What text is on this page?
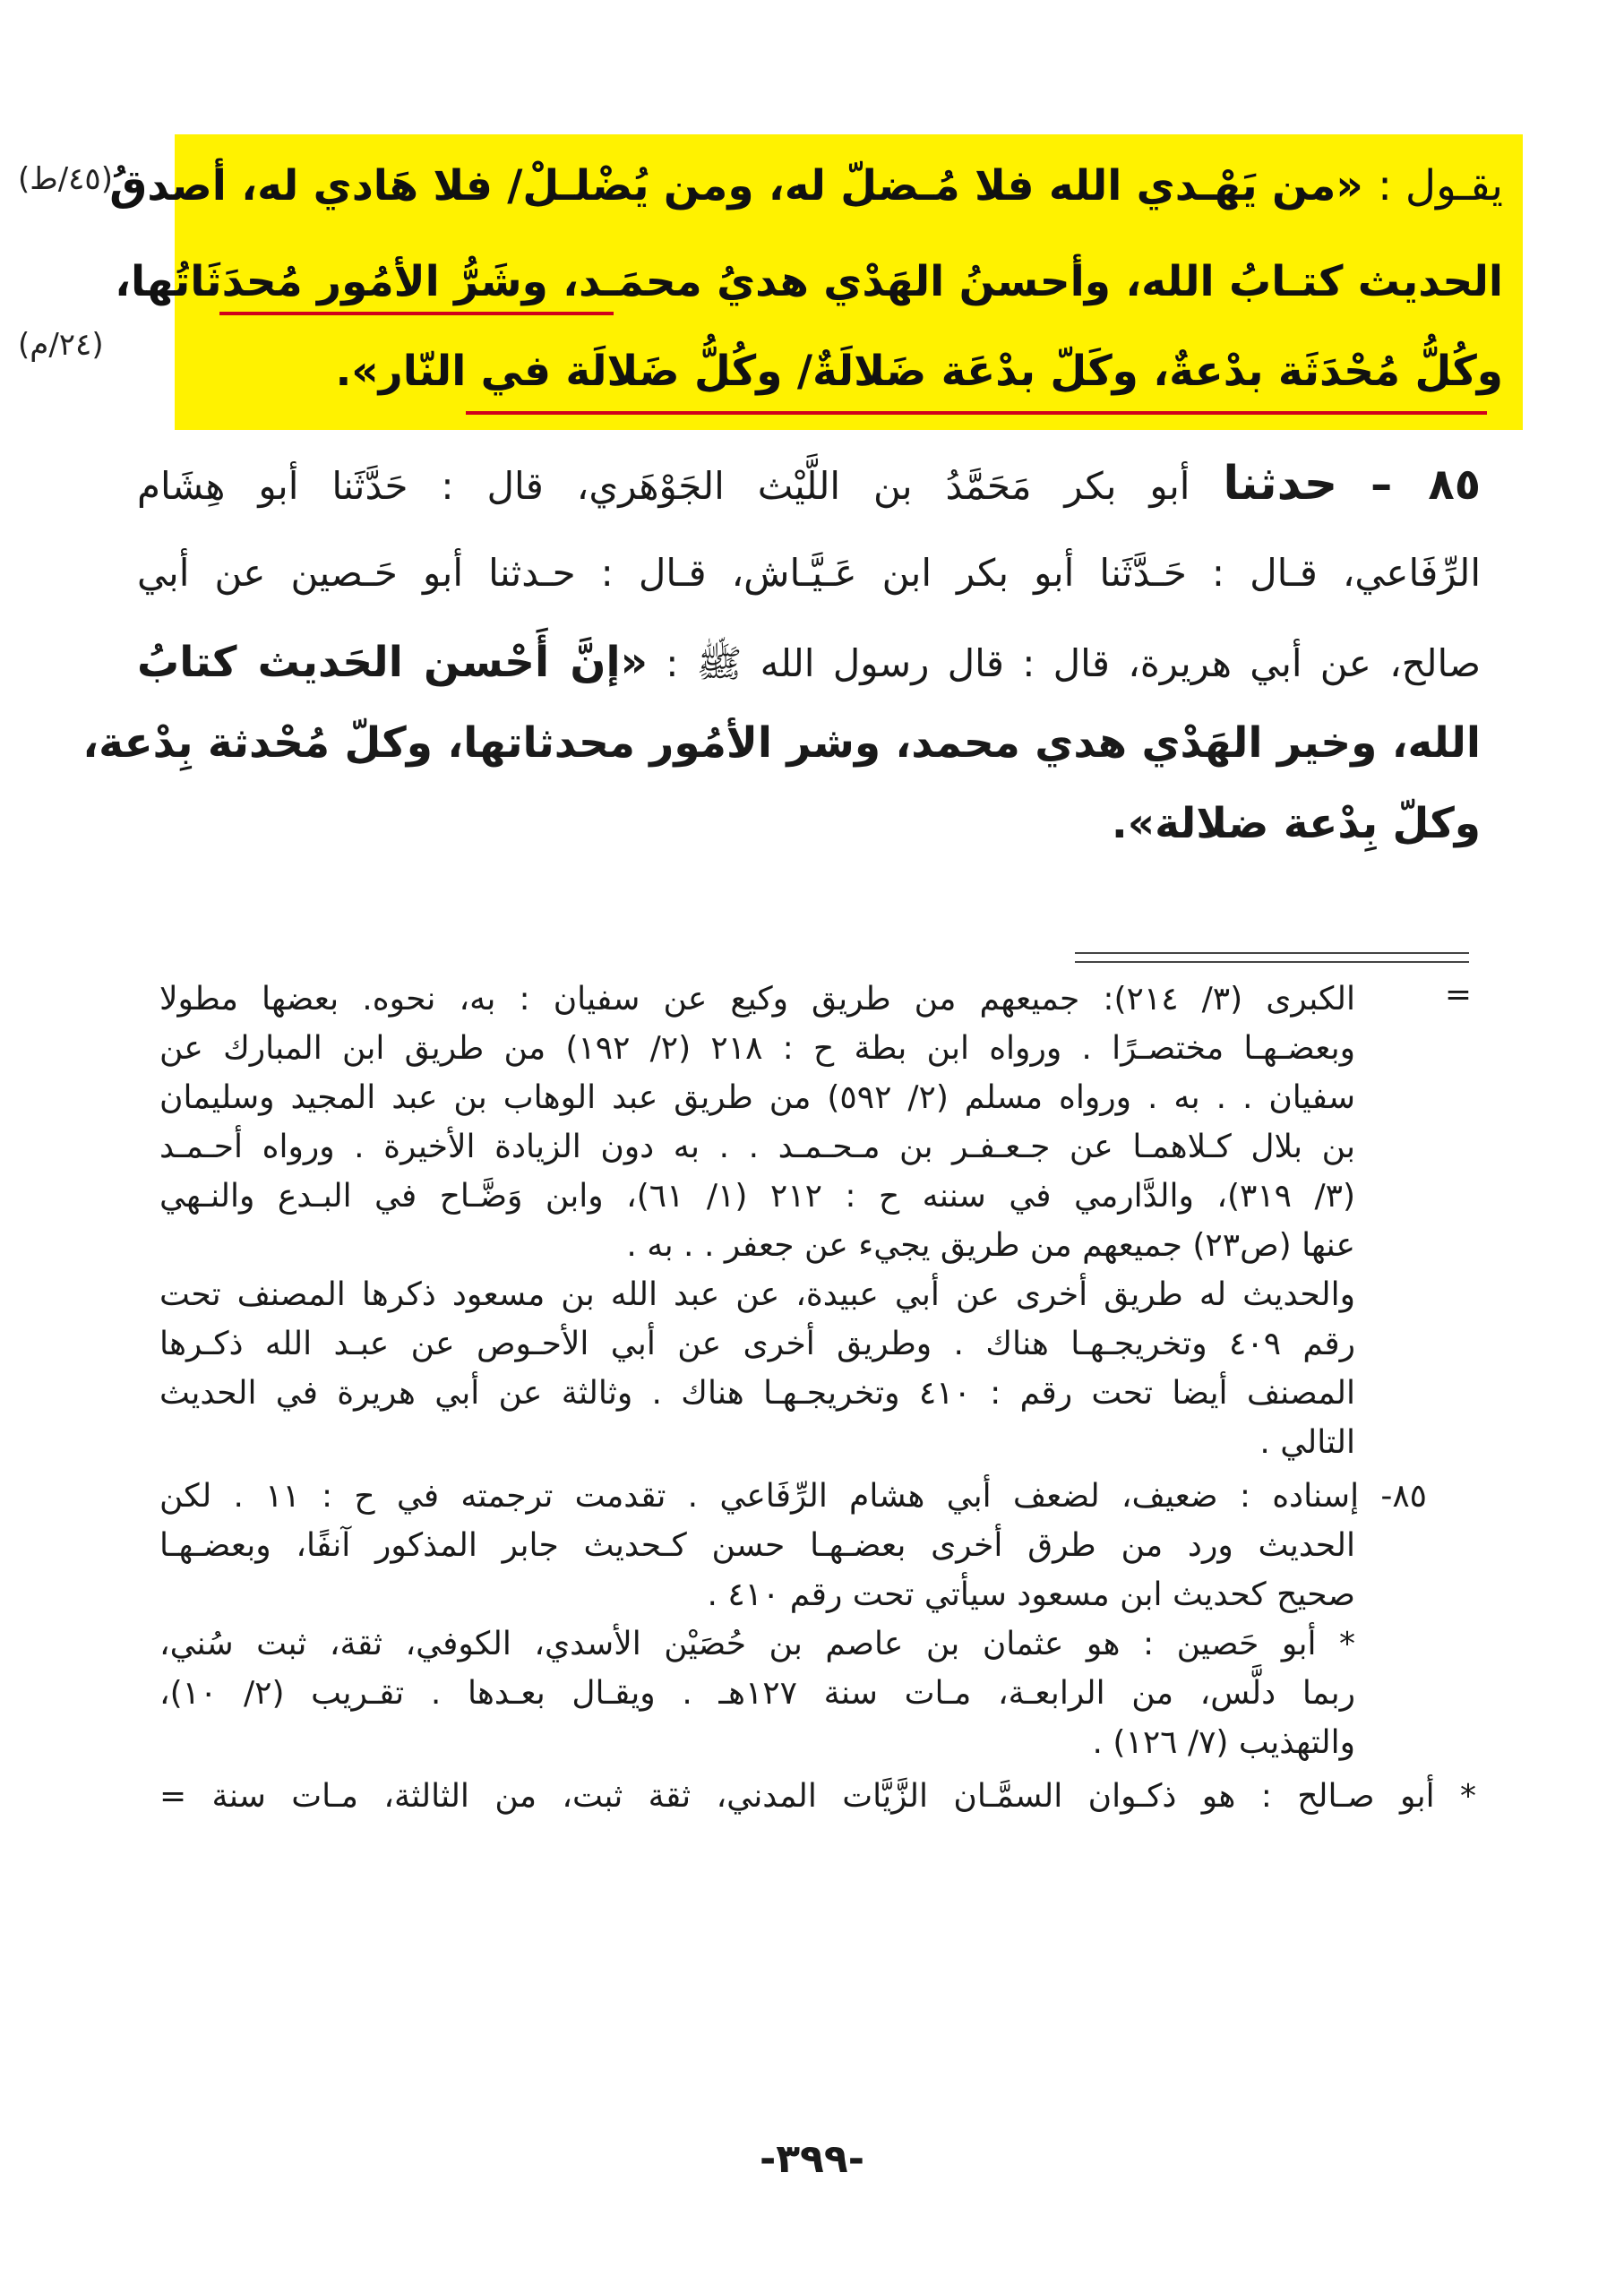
(٤٥/ط)
(٢٤/م)
يقـول : «من يَهْـدي الله فلا مُـضلّ له، ومن يُضْلـلْ/ فلا هَادي له، أصدقُ
الحديث كتـابُ الله، وأحسنُ الهَدْي هديُ محمَـد، وشَرُّ الأمُور مُحدَثَاتُها،
وكُلُّ مُحْدَثَة بدْعةٌ، وكَلّ بدْعَة ضَلالَةٌ/ وكُلُّ ضَلالَة في النّار».
٨٥ – حدثنا أبو بكر مَحَمَّدُ بن اللَّيْث الجَوْهَري، قال : حَدَّثَنا أبو هِشَام
الرِّفَاعي، قـال : حَـدَّثَنا أبو بكر ابن عَـيَّـاش، قـال : حـدثنا أبو حَـصين عن أبي
صالح، عن أبي هريرة، قال : قال رسول الله ﷺ : «إنَّ أَحْسن الحَديث كتابُ
الله، وخير الهَدْي هدي محمد، وشر الأمُور محدثاتها، وكلّ مُحْدثة بِدْعة،
وكلّ بِدْعة ضلالة».
=
الكبرى (٣/ ٢١٤): جميعهم من طريق وكيع عن سفيان : به، نحوه. بعضها مطولا
وبعضـهـا مختصـرًا . ورواه ابن بطة ح : ٢١٨ (٢/ ١٩٢) من طريق ابن المبارك عن
سفيان . . به . ورواه مسلم (٢/ ٥٩٢) من طريق عبد الوهاب بن عبد المجيد وسليمان
بن بلال كـلاهمـا عن جـعـفـر بن مـحـمـد . . به دون الزيادة الأخيرة . ورواه أحـمـد
(٣/ ٣١٩)، والدَّارمي في سننه ح : ٢١٢ (١/ ٦١)، وابن وَضَّـاح في البـدع والنـهي
عنها (ص٢٣) جميعهم من طريق يجيء عن جعفر . . به .
والحديث له طريق أخرى عن أبي عبيدة، عن عبد الله بن مسعود ذكرها المصنف تحت
رقم ٤٠٩ وتخريجـهـا هناك . وطريق أخرى عن أبي الأحـوص عن عبـد الله ذكـرها
المصنف أيضا تحت رقم : ٤١٠ وتخريجـهـا هناك . وثالثة عن أبي هريرة في الحديث
التالي .
٨٥- إسناده : ضعيف، لضعف أبي هشام الرِّفَاعي . تقدمت ترجمته في ح : ١١ . لكن
الحديث ورد من طرق أخرى بعضـهـا حسن كـحديث جابر المذكور آنفًا، وبعضـهـا
صحيح كحديث ابن مسعود سيأتي تحت رقم ٤١٠ .
* أبو حَصين : هو عثمان بن عاصم بن حُصَيْن الأسدي، الكوفي، ثقة، ثبت سُني،
ربما دلَّس، من الرابعـة، مـات سنة ١٢٧هـ . ويقـال بعـدها . تقـريب (٢/ ١٠)،
والتهذيب (٧/ ١٢٦) .
* أبو صـالح : هو ذكـوان السمَّـان الزَّيَّات المدني، ثقة ثبت، من الثالثة، مـات سنة =
-٣٩٩-
